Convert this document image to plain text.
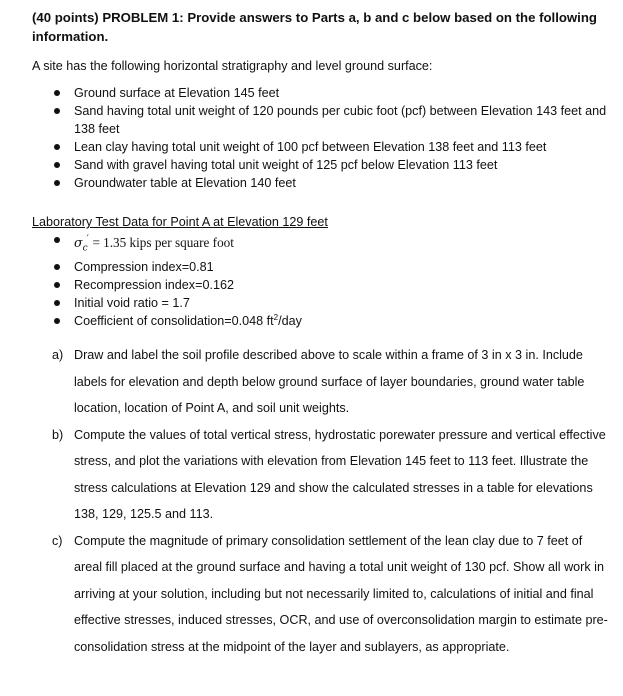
(40 points) PROBLEM 1: Provide answers to Parts a, b and c below based on the following information.
A site has the following horizontal stratigraphy and level ground surface:
Ground surface at Elevation 145 feet
Sand having total unit weight of 120 pounds per cubic foot (pcf) between Elevation 143 feet and 138 feet
Lean clay having total unit weight of 100 pcf between Elevation 138 feet and 113 feet
Sand with gravel having total unit weight of 125 pcf below Elevation 113 feet
Groundwater table at Elevation 140 feet
Laboratory Test Data for Point A at Elevation 129 feet
$\sigma_c' = 1.35$ kips per square foot
Compression index=0.81
Recompression index=0.162
Initial void ratio = 1.7
Coefficient of consolidation=0.048 $ft^2$/day
a) Draw and label the soil profile described above to scale within a frame of 3 in x 3 in. Include labels for elevation and depth below ground surface of layer boundaries, ground water table location, location of Point A, and soil unit weights.
b) Compute the values of total vertical stress, hydrostatic porewater pressure and vertical effective stress, and plot the variations with elevation from Elevation 145 feet to 113 feet. Illustrate the stress calculations at Elevation 129 and show the calculated stresses in a table for elevations 138, 129, 125.5 and 113.
c) Compute the magnitude of primary consolidation settlement of the lean clay due to 7 feet of areal fill placed at the ground surface and having a total unit weight of 130 pcf. Show all work in arriving at your solution, including but not necessarily limited to, calculations of initial and final effective stresses, induced stresses, OCR, and use of overconsolidation margin to estimate pre-consolidation stress at the midpoint of the layer and sublayers, as appropriate.
